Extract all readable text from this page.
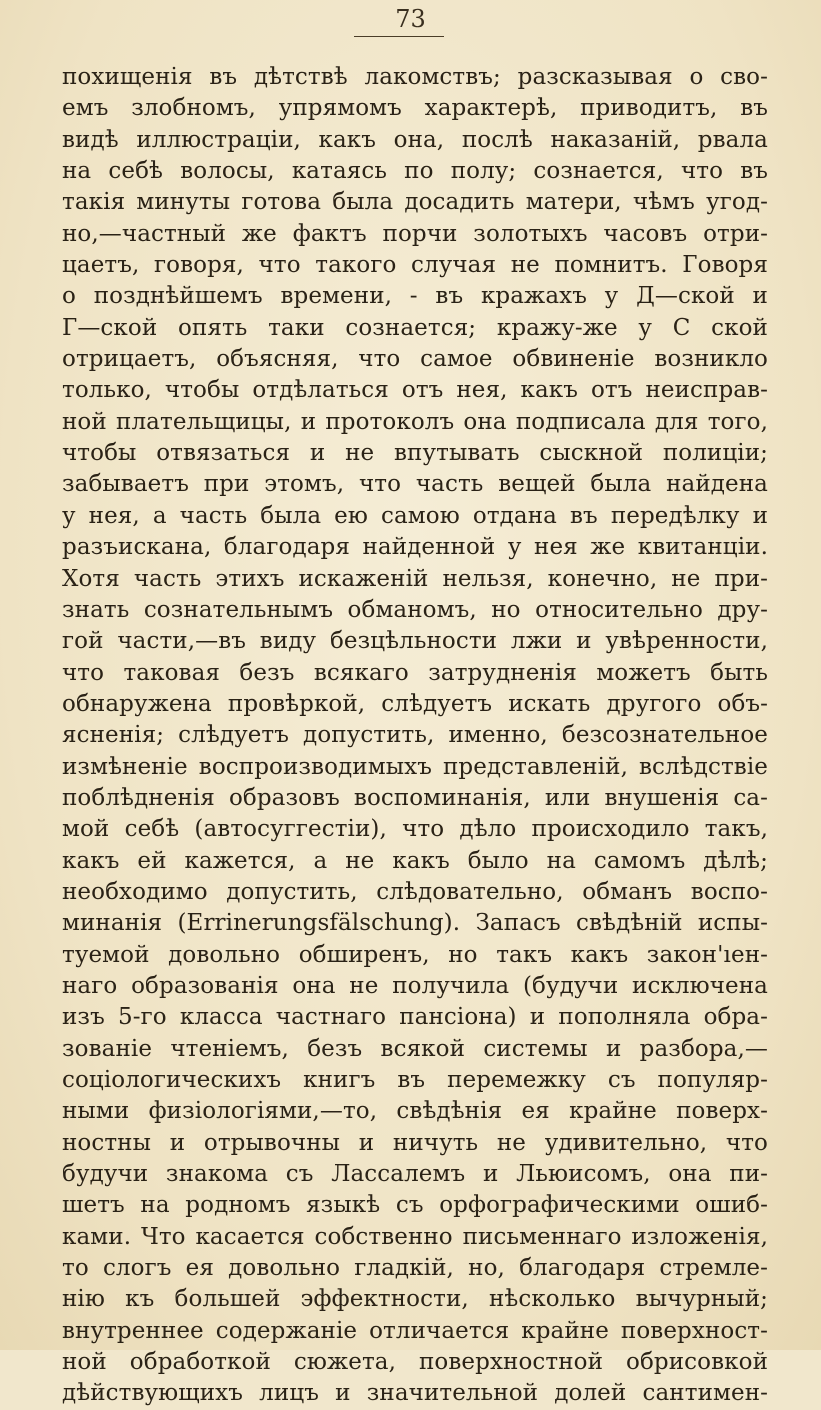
73
похищенія въ дѣтствѣ лакомствъ; разсказывая о сво-
емъ злобномъ, упрямомъ характерѣ, приводитъ, въ
видѣ иллюстраціи, какъ она, послѣ наказаній, рвала
на себѣ волосы, катаясь по полу; сознается, что въ
такія минуты готова была досадить матери, чѣмъ угод-
но,—частный же фактъ порчи золотыхъ часовъ отри-
цаетъ, говоря, что такого случая не помнитъ. Говоря
о позднѣйшемъ времени, - въ кражахъ у Д—ской и
Г—ской опять таки сознается; кражу-же у С ской
отрицаетъ, объясняя, что самое обвиненіе возникло
только, чтобы отдѣлаться отъ нея, какъ отъ неисправ-
ной плательщицы, и протоколъ она подписала для того,
чтобы отвязаться и не впутывать сыскной полиціи;
забываетъ при этомъ, что часть вещей была найдена
у нея, а часть была ею самою отдана въ передѣлку и
разъискана, благодаря найденной у нея же квитанціи.
Хотя часть этихъ искаженій нельзя, конечно, не при-
знать сознательнымъ обманомъ, но относительно дру-
гой части,—въ виду безцѣльности лжи и увѣренности,
что таковая безъ всякаго затрудненія можетъ быть
обнаружена провѣркой, слѣдуетъ искать другого объ-
ясненія; слѣдуетъ допустить, именно, безсознательное
измѣненіе воспроизводимыхъ представленій, вслѣдствіе
поблѣдненія образовъ воспоминанія, или внушенія са-
мой себѣ (автосуггестіи), что дѣло происходило такъ,
какъ ей кажется, а не какъ было на самомъ дѣлѣ;
необходимо допустить, слѣдовательно, обманъ воспо-
минанія (Errinerungsfälschung). Запасъ свѣдѣній испы-
туемой довольно обширенъ, но такъ какъ закон'ıен-
наго образованія она не получила (будучи исключена
изъ 5-го класса частнаго пансіона) и пополняла обра-
зованіе чтеніемъ, безъ всякой системы и разбора,—
соціологическихъ книгъ въ перемежку съ популяр-
ными физіологіями,—то, свѣдѣнія ея крайне поверх-
ностны и отрывочны и ничуть не удивительно, что
будучи знакома съ Лассалемъ и Льюисомъ, она пи-
шетъ на родномъ языкѣ съ орфографическими ошиб-
ками. Что касается собственно письменнаго изложенія,
то слогъ ея довольно гладкій, но, благодаря стремле-
нію къ большей эффектности, нѣсколько вычурный;
внутреннее содержаніе отличается крайне поверхност-
ной обработкой сюжета, поверхностной обрисовкой
дѣйствующихъ лицъ и значительной долей сантимен-
